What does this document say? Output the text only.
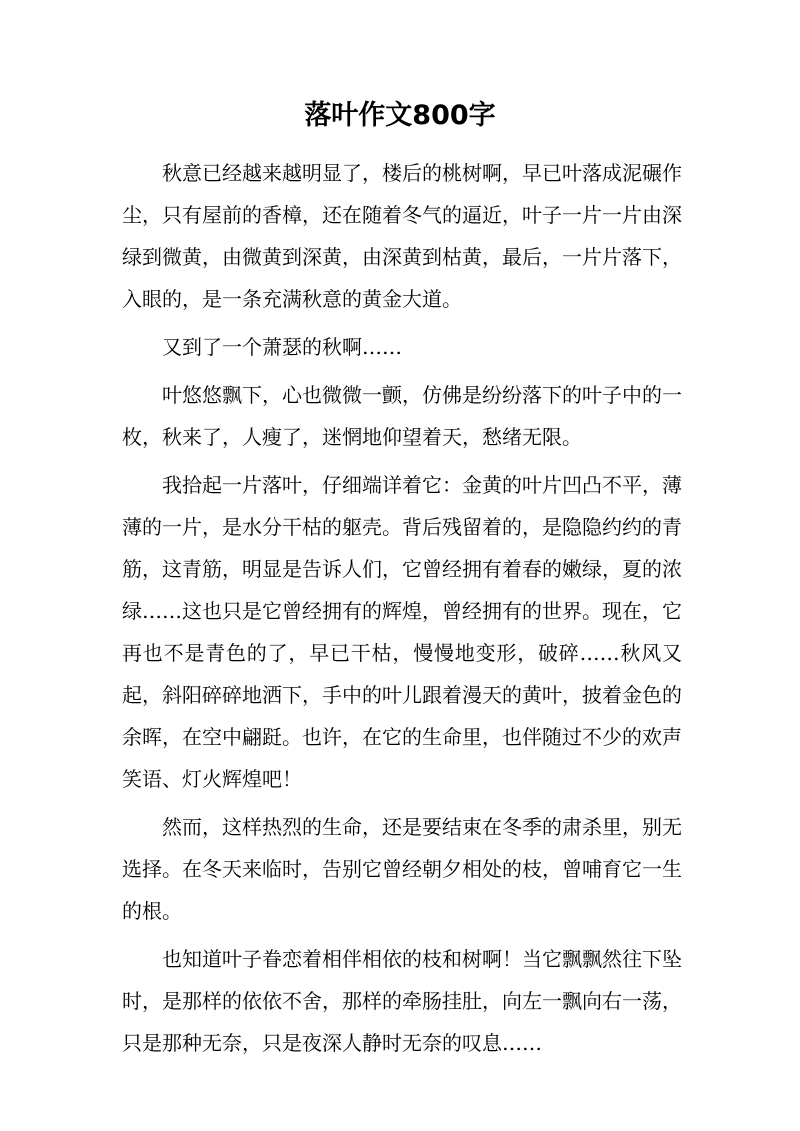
落叶作文800字

秋意已经越来越明显了，楼后的桃树啊，早已叶落成泥碾作尘，只有屋前的香樟，还在随着冬气的逼近，叶子一片一片由深绿到微黄，由微黄到深黄，由深黄到枯黄，最后，一片片落下，入眼的，是一条充满秋意的黄金大道。

又到了一个萧瑟的秋啊……

叶悠悠飘下，心也微微一颤，仿佛是纷纷落下的叶子中的一枚，秋来了，人瘦了，迷惘地仰望着天，愁绪无限。

我拾起一片落叶，仔细端详着它：金黄的叶片凹凸不平，薄薄的一片，是水分干枯的躯壳。背后残留着的，是隐隐约约的青筋，这青筋，明显是告诉人们，它曾经拥有着春的嫩绿，夏的浓绿……这也只是它曾经拥有的辉煌，曾经拥有的世界。现在，它再也不是青色的了，早已干枯，慢慢地变形，破碎……秋风又起，斜阳碎碎地洒下，手中的叶儿跟着漫天的黄叶，披着金色的余晖，在空中翩跹。也许，在它的生命里，也伴随过不少的欢声笑语、灯火辉煌吧！

然而，这样热烈的生命，还是要结束在冬季的肃杀里，别无选择。在冬天来临时，告别它曾经朝夕相处的枝，曾哺育它一生的根。

也知道叶子眷恋着相伴相依的枝和树啊！当它飘飘然往下坠时，是那样的依依不舍，那样的牵肠挂肚，向左一飘向右一荡，只是那种无奈，只是夜深人静时无奈的叹息……
